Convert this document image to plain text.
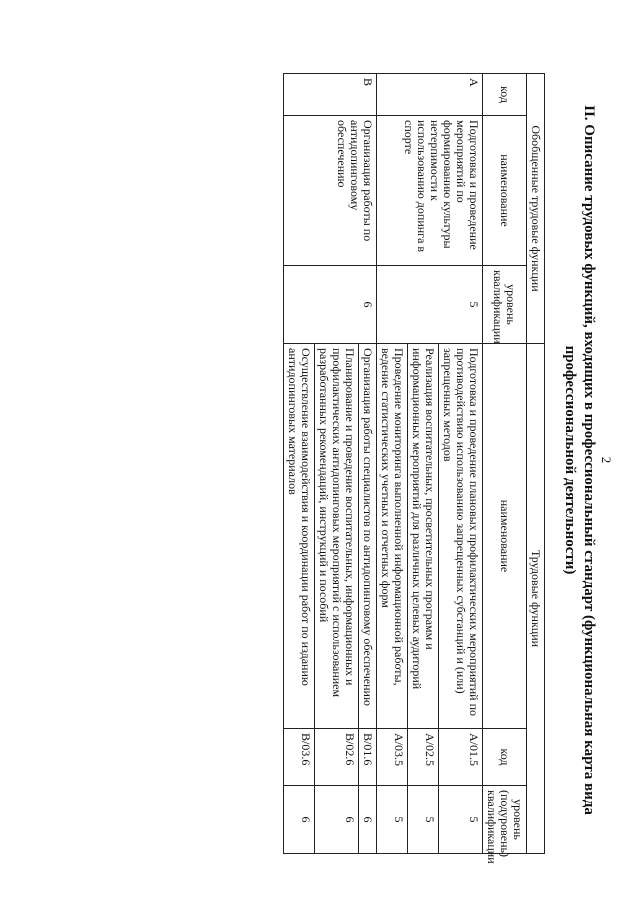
2
II. Описание трудовых функций, входящих в профессиональный стандарт (функциональная карта вида
профессиональной деятельности)
Обобщенные трудовые функции			Трудовые функции		
код	наименование	уровень квалификации	наименование	код	уровень (подуровень) квалификации
А	Подготовка и проведение мероприятий по формированию культуры нетерпимости к использованию допинга в спорте	5	Подготовка и проведение плановых профилактических мероприятий по противодействию использованию запрещенных субстанций и (или) запрещенных методов	A/01.5	5
			Реализация воспитательных, просветительных программ и информационных мероприятий для различных целевых аудиторий	A/02.5	5
			Проведение мониторинга выполненной информационной работы, ведение статистических учетных и отчетных форм	A/03.5	5
В	Организация работы по антидопинговому обеспечению	6	Организация работы специалистов по антидопинговому обеспечению	B/01.6	6
			Планирование и проведение воспитательных, информационных и профилактических антидопинговых мероприятий с использованием разработанных рекомендаций, инструкций и пособий	B/02.6	6
			Осуществление взаимодействия и координации работ по изданию антидопинговых материалов	B/03.6	6
